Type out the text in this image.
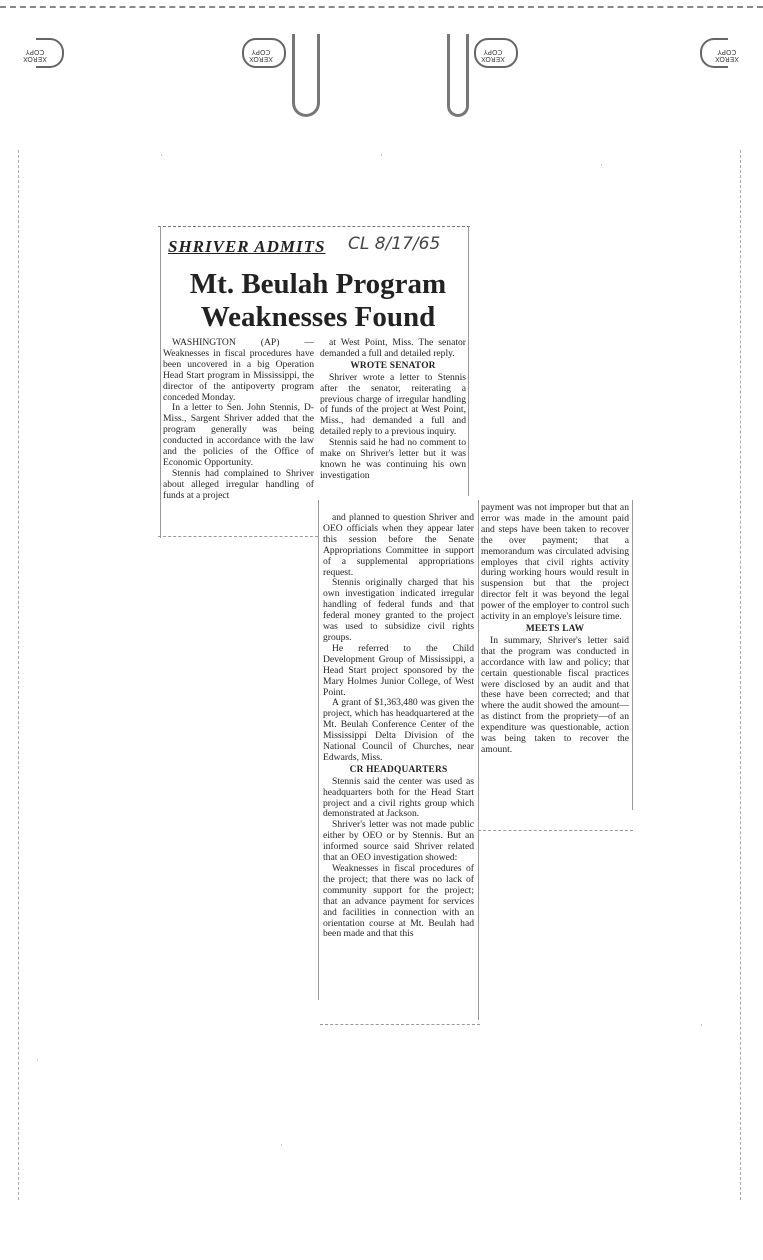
XEROX COPY
XEROX COPY
XEROX COPY
XEROX COPY
SHRIVER ADMITS CL 8/17/65
Mt. Beulah Program
Weaknesses Found

WASHINGTON (AP) — Weaknesses in fiscal procedures have been uncovered in a big Operation Head Start program in Mississippi, the director of the antipoverty program conceded Monday.

In a letter to Sen. John Stennis, D-Miss., Sargent Shriver added that the program generally was being conducted in accordance with the law and the policies of the Office of Economic Opportunity.

Stennis had complained to Shriver about alleged irregular handling of funds at a project

at West Point, Miss. The senator demanded a full and detailed reply.

WROTE SENATOR

Shriver wrote a letter to Stennis after the senator, reiterating a previous charge of irregular handling of funds of the project at West Point, Miss., had demanded a full and detailed reply to a previous inquiry.

Stennis said he had no comment to make on Shriver's letter but it was known he was continuing his own investigation

and planned to question Shriver and OEO officials when they appear later this session before the Senate Appropriations Committee in support of a supplemental appropriations request.

Stennis originally charged that his own investigation indicated irregular handling of federal funds and that federal money granted to the project was used to subsidize civil rights groups.

He referred to the Child Development Group of Mississippi, a Head Start project sponsored by the Mary Holmes Junior College, of West Point.

A grant of $1,363,480 was given the project, which has headquartered at the Mt. Beulah Conference Center of the Mississippi Delta Division of the National Council of Churches, near Edwards, Miss.

CR HEADQUARTERS

Stennis said the center was used as headquarters both for the Head Start project and a civil rights group which demonstrated at Jackson.

Shriver's letter was not made public either by OEO or by Stennis. But an informed source said Shriver related that an OEO investigation showed:

Weaknesses in fiscal procedures of the project; that there was no lack of community support for the project; that an advance payment for services and facilities in connection with an orientation course at Mt. Beulah had been made and that this

payment was not improper but that an error was made in the amount paid and steps have been taken to recover the over payment; that a memorandum was circulated advising employes that civil rights activity during working hours would result in suspension but that the project director felt it was beyond the legal power of the employer to control such activity in an employe's leisure time.

MEETS LAW

In summary, Shriver's letter said that the program was conducted in accordance with law and policy; that certain questionable fiscal practices were disclosed by an audit and that these have been corrected; and that where the audit showed the amount—as distinct from the propriety—of an expenditure was questionable, action was being taken to recover the amount.

·	·
·
·
·
·
